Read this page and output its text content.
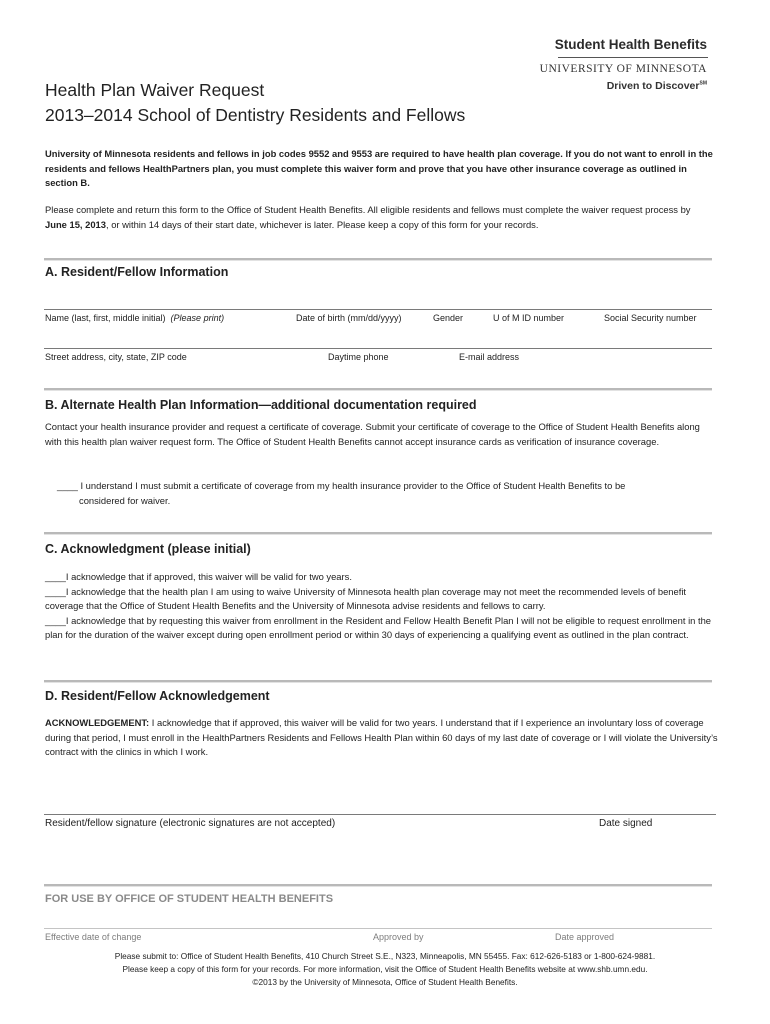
Student Health Benefits
UNIVERSITY OF MINNESOTA
Driven to Discover℠
Health Plan Waiver Request
2013–2014 School of Dentistry Residents and Fellows
University of Minnesota residents and fellows in job codes 9552 and 9553 are required to have health plan coverage. If you do not want to enroll in the residents and fellows HealthPartners plan, you must complete this waiver form and prove that you have other insurance coverage as outlined in section B.
Please complete and return this form to the Office of Student Health Benefits. All eligible residents and fellows must complete the waiver request process by June 15, 2013, or within 14 days of their start date, whichever is later. Please keep a copy of this form for your records.
A. Resident/Fellow Information
Name (last, first, middle initial) (Please print)	Date of birth (mm/dd/yyyy)	Gender	U of M ID number	Social Security number
Street address, city, state, ZIP code	Daytime phone	E-mail address
B. Alternate Health Plan Information—additional documentation required
Contact your health insurance provider and request a certificate of coverage. Submit your certificate of coverage to the Office of Student Health Benefits along with this health plan waiver request form. The Office of Student Health Benefits cannot accept insurance cards as verification of insurance coverage.
____ I understand I must submit a certificate of coverage from my health insurance provider to the Office of Student Health Benefits to be
considered for waiver.
C. Acknowledgment (please initial)
____I acknowledge that if approved, this waiver will be valid for two years.
____I acknowledge that the health plan I am using to waive University of Minnesota health plan coverage may not meet the recommended levels of benefit coverage that the Office of Student Health Benefits and the University of Minnesota advise residents and fellows to carry.
____I acknowledge that by requesting this waiver from enrollment in the Resident and Fellow Health Benefit Plan I will not be eligible to request enrollment in the plan for the duration of the waiver except during open enrollment period or within 30 days of experiencing a qualifying event as outlined in the plan contract.
D. Resident/Fellow Acknowledgement
ACKNOWLEDGEMENT: I acknowledge that if approved, this waiver will be valid for two years. I understand that if I experience an involuntary loss of coverage during that period, I must enroll in the HealthPartners Residents and Fellows Health Plan within 60 days of my last date of coverage or I will violate the University’s contract with the clinics in which I work.
Resident/fellow signature (electronic signatures are not accepted)	Date signed
FOR USE BY OFFICE OF STUDENT HEALTH BENEFITS
Effective date of change	Approved by	Date approved
Please submit to: Office of Student Health Benefits, 410 Church Street S.E., N323, Minneapolis, MN 55455. Fax: 612-626-5183 or 1-800-624-9881.
Please keep a copy of this form for your records. For more information, visit the Office of Student Health Benefits website at www.shb.umn.edu.
©2013 by the University of Minnesota, Office of Student Health Benefits.
